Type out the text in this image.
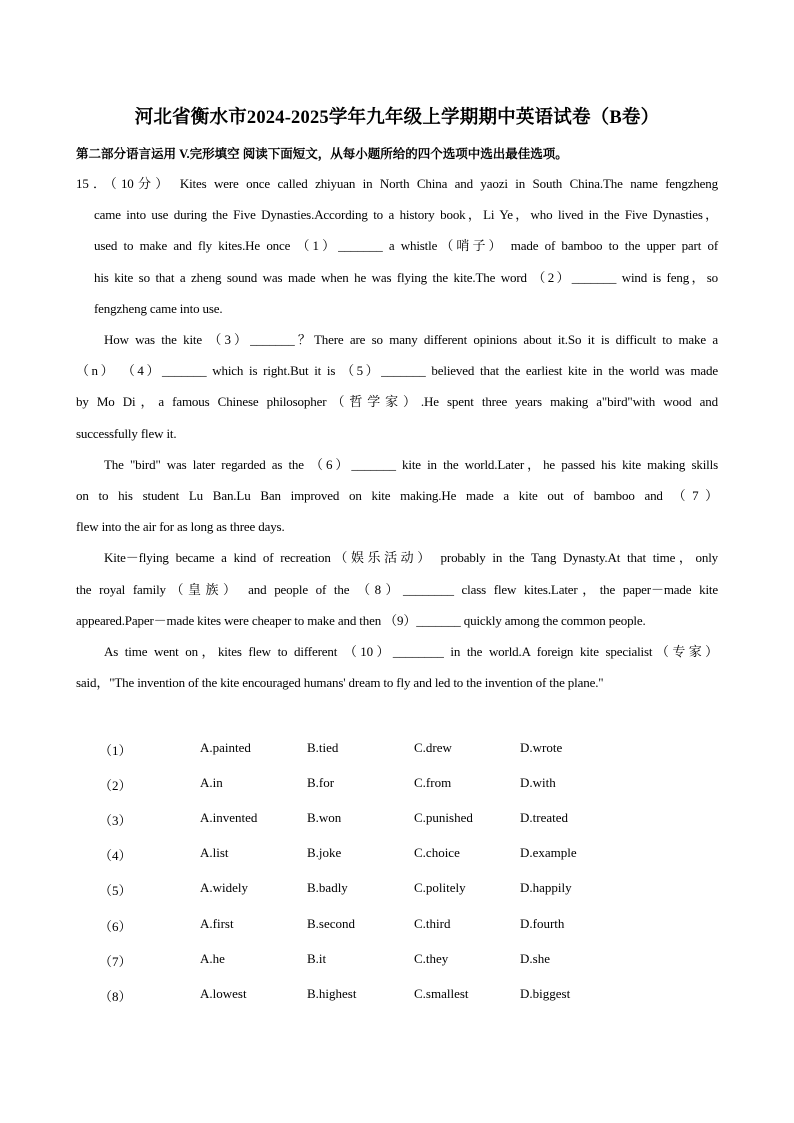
河北省衡水市2024-2025学年九年级上学期期中英语试卷（B卷）
第二部分语言运用 V.完形填空 阅读下面短文，从每小题所给的四个选项中选出最佳选项。
15．（10分） Kites were once called zhiyuan in North China and yaozi in South China.The name fengzheng
came into use during the Five Dynasties.According to a history book，Li Ye，who lived in the Five Dynasties，
used to make and fly kites.He once （1）_______ a whistle（哨子） made of bamboo to the upper part of
his kite so that a zheng sound was made when he was flying the kite.The word （2）_______ wind is feng，so
fengzheng came into use.
How was the kite （3）_______？There are so many different opinions about it.So it is difficult to make a
（n） （4）_______ which is right.But it is （5）_______ believed that the earliest kite in the world was made
by Mo Di，a famous Chinese philosopher（哲学家）.He spent three years making a"bird"with wood and
successfully flew it.
The "bird" was later regarded as the （6）_______ kite in the world.Later，he passed his kite making skills
on to his student Lu Ban.Lu Ban improved on kite making.He made a kite out of bamboo and （7）
flew into the air for as long as three days.
Kite－flying became a kind of recreation（娱乐活动） probably in the Tang Dynasty.At that time，only
the royal family（皇族） and people of the （8）________ class flew kites.Later，the paper－made kite
appeared.Paper－made kites were cheaper to make and then （9）_______ quickly among the common people.
As time went on，kites flew to different （10）________ in the world.A foreign kite specialist（专家）
said，"The invention of the kite encouraged humans' dream to fly and led to the invention of the plane."
（1）	A.painted	B.tied	C.drew	D.wrote
（2）	A.in	B.for	C.from	D.with
（3）	A.invented	B.won	C.punished	D.treated
（4）	A.list	B.joke	C.choice	D.example
（5）	A.widely	B.badly	C.politely	D.happily
（6）	A.first	B.second	C.third	D.fourth
（7）	A.he	B.it	C.they	D.she
（8）	A.lowest	B.highest	C.smallest	D.biggest
